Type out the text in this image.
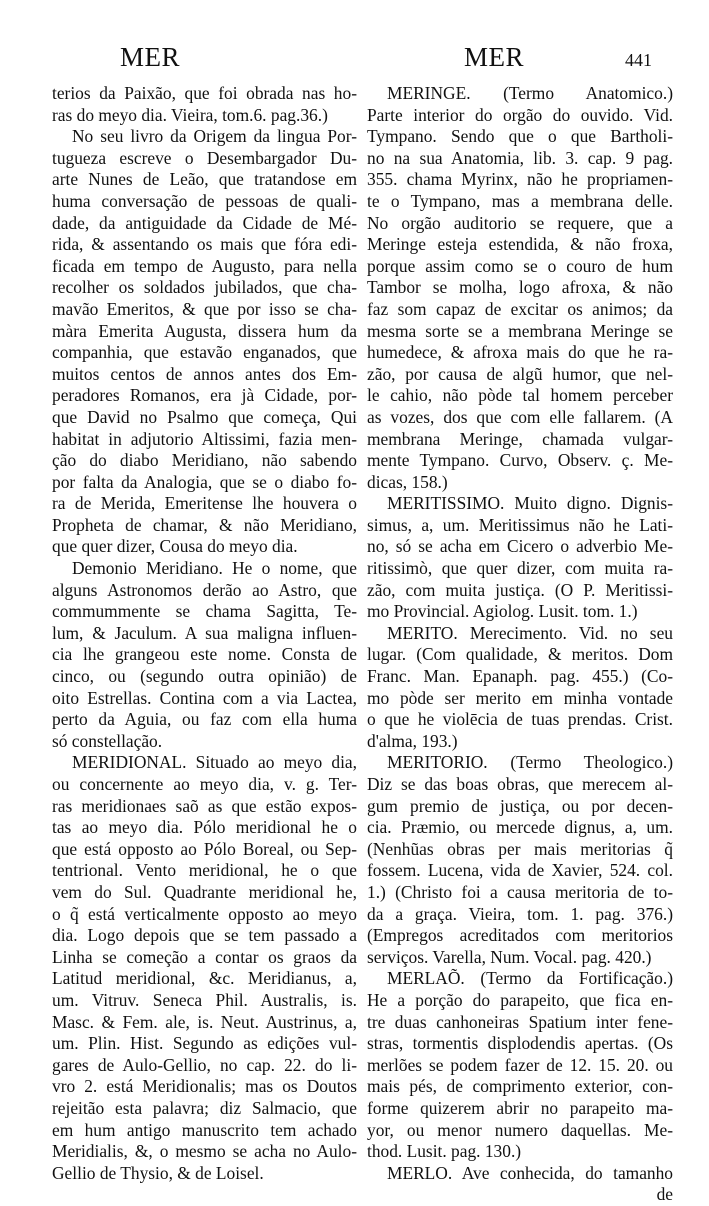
MER	MER	441
terios da Paixão, que foi obrada nas ho-
ras do meyo dia. Vieira, tom.6. pag.36.)
No seu livro da Origem da lingua Por-
tugueza escreve o Desembargador Du-
arte Nunes de Leão, que tratandose em
huma conversação de pessoas de quali-
dade, da antiguidade da Cidade de Mé-
rida, & assentando os mais que fóra edi-
ficada em tempo de Augusto, para nella
recolher os soldados jubilados, que cha-
mavão Emeritos, & que por isso se cha-
màra Emerita Augusta, dissera hum da
companhia, que estavão enganados, que
muitos centos de annos antes dos Em-
peradores Romanos, era jà Cidade, por-
que David no Psalmo que começa, Qui
habitat in adjutorio Altissimi, fazia men-
ção do diabo Meridiano, não sabendo
por falta da Analogia, que se o diabo fo-
ra de Merida, Emeritense lhe houvera o
Propheta de chamar, & não Meridiano,
que quer dizer, Cousa do meyo dia.
Demonio Meridiano. He o nome, que
alguns Astronomos derão ao Astro, que
commummente se chama Sagitta, Te-
lum, & Jaculum. A sua maligna influen-
cia lhe grangeou este nome. Consta de
cinco, ou (segundo outra opinião) de
oito Estrellas. Contina com a via Lactea,
perto da Aguia, ou faz com ella huma
só constellação.
MERIDIONAL. Situado ao meyo dia,
ou concernente ao meyo dia, v. g. Ter-
ras meridionaes saõ as que estão expos-
tas ao meyo dia. Pólo meridional he o
que está opposto ao Pólo Boreal, ou Sep-
tentrional. Vento meridional, he o que
vem do Sul. Quadrante meridional he,
o q̃ está verticalmente opposto ao meyo
dia. Logo depois que se tem passado a
Linha se começão a contar os graos da
Latitud meridional, &c. Meridianus, a,
um. Vitruv. Seneca Phil. Australis, is.
Masc. & Fem. ale, is. Neut. Austrinus, a,
um. Plin. Hist. Segundo as edições vul-
gares de Aulo-Gellio, no cap. 22. do li-
vro 2. está Meridionalis; mas os Doutos
rejeitão esta palavra; diz Salmacio, que
em hum antigo manuscrito tem achado
Meridialis, &, o mesmo se acha no Aulo-
Gellio de Thysio, & de Loisel.
MERINGE. (Termo Anatomico.)
Parte interior do orgão do ouvido. Vid.
Tympano. Sendo que o que Bartholi-
no na sua Anatomia, lib. 3. cap. 9 pag.
355. chama Myrinx, não he propriamen-
te o Tympano, mas a membrana delle.
No orgão auditorio se requere, que a
Meringe esteja estendida, & não froxa,
porque assim como se o couro de hum
Tambor se molha, logo afroxa, & não
faz som capaz de excitar os animos; da
mesma sorte se a membrana Meringe se
humedece, & afroxa mais do que he ra-
zão, por causa de algũ humor, que nel-
le cahio, não pòde tal homem perceber
as vozes, dos que com elle fallarem. (A
membrana Meringe, chamada vulgar-
mente Tympano. Curvo, Observ. ç. Me-
dicas, 158.)
MERITISSIMO. Muito digno. Dignis-
simus, a, um. Meritissimus não he Lati-
no, só se acha em Cicero o adverbio Me-
ritissimò, que quer dizer, com muita ra-
zão, com muita justiça. (O P. Meritissi-
mo Provincial. Agiolog. Lusit. tom. 1.)
MERITO. Merecimento. Vid. no seu
lugar. (Com qualidade, & meritos. Dom
Franc. Man. Epanaph. pag. 455.) (Co-
mo pòde ser merito em minha vontade
o que he violēcia de tuas prendas. Crist.
d'alma, 193.)
MERITORIO. (Termo Theologico.)
Diz se das boas obras, que merecem al-
gum premio de justiça, ou por decen-
cia. Præmio, ou mercede dignus, a, um.
(Nenhũas obras per mais meritorias q̃
fossem. Lucena, vida de Xavier, 524. col.
1.) (Christo foi a causa meritoria de to-
da a graça. Vieira, tom. 1. pag. 376.)
(Empregos acreditados com meritorios
serviços. Varella, Num. Vocal. pag. 420.)
MERLAÕ. (Termo da Fortificação.)
He a porção do parapeito, que fica en-
tre duas canhoneiras Spatium inter fene-
stras, tormentis displodendis apertas. (Os
merlões se podem fazer de 12. 15. 20. ou
mais pés, de comprimento exterior, con-
forme quizerem abrir no parapeito ma-
yor, ou menor numero daquellas. Me-
thod. Lusit. pag. 130.)
MERLO. Ave conhecida, do tamanho
de
